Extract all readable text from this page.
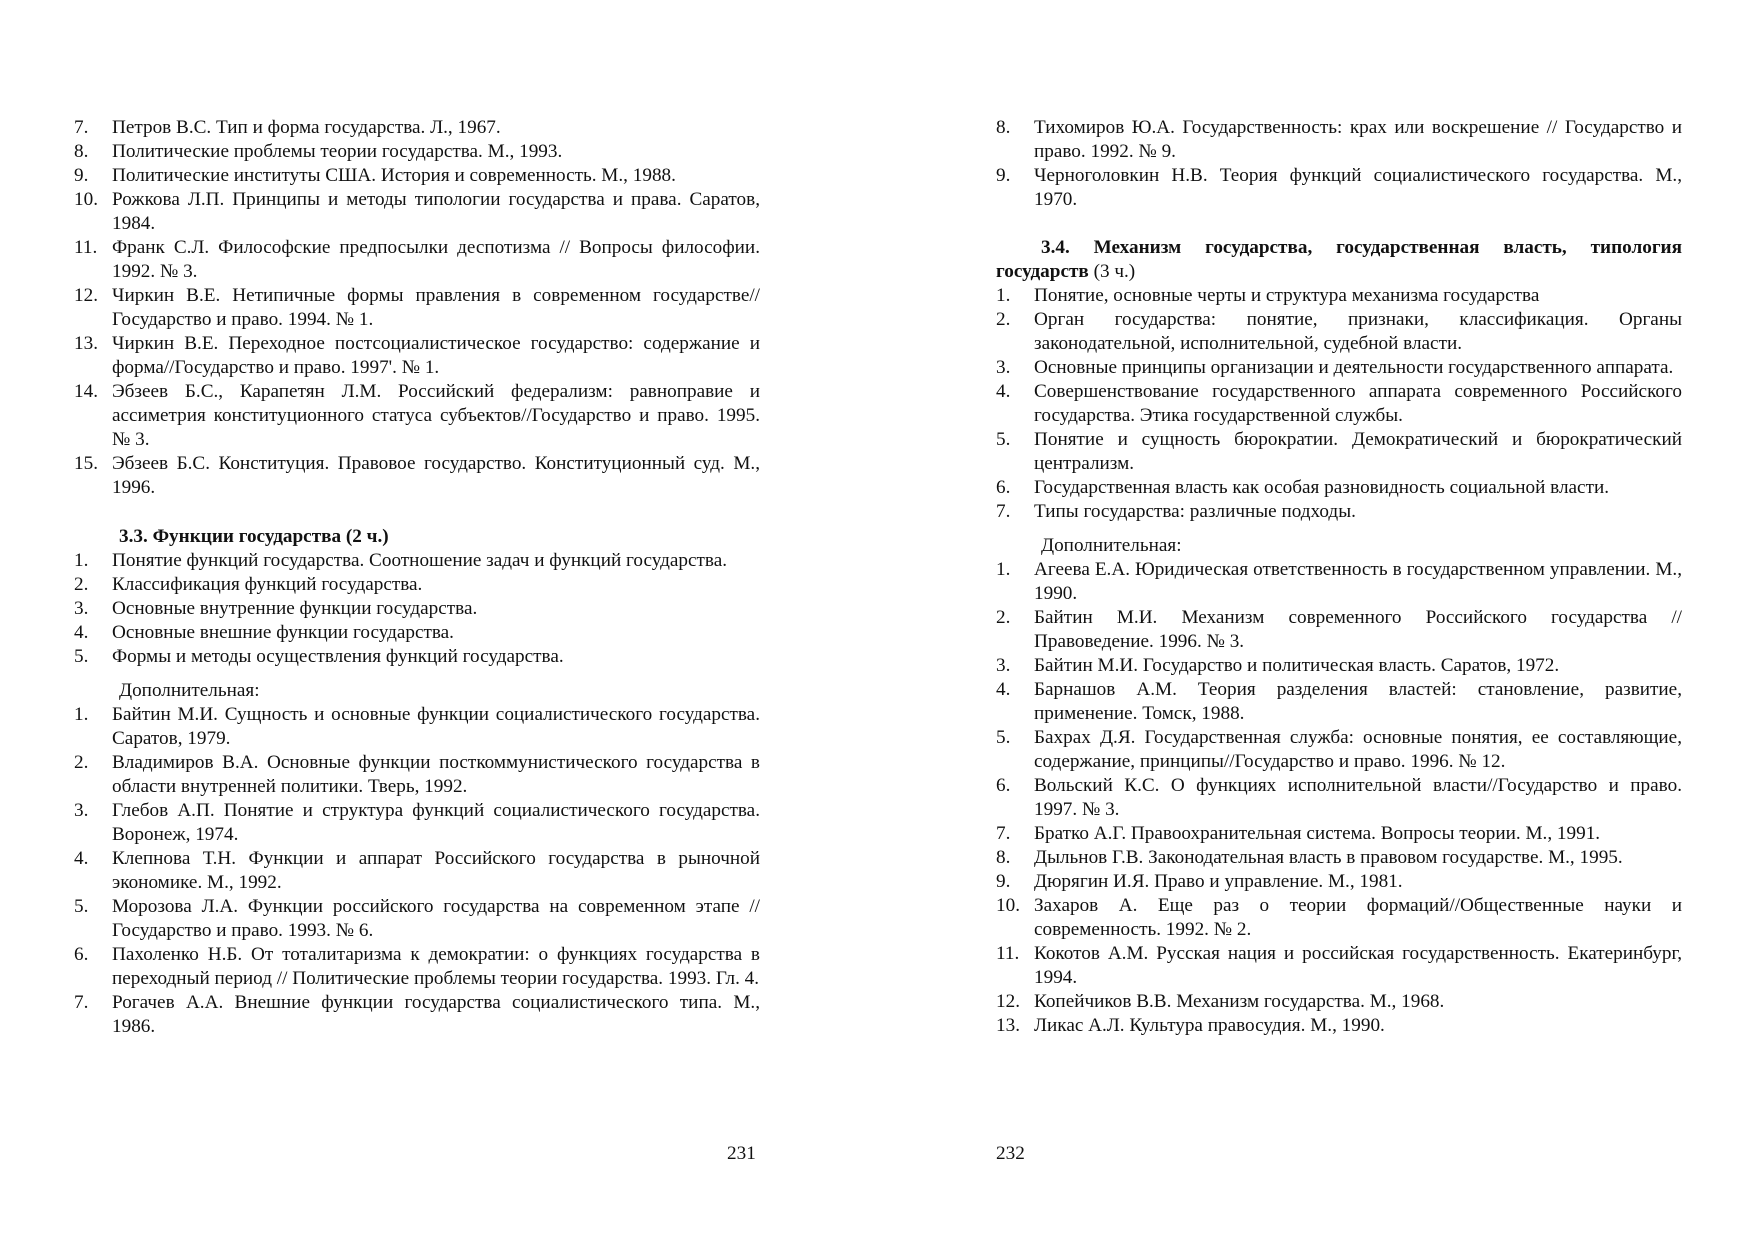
7.	Петров В.С. Тип и форма государства. Л., 1967.
8.	Политические проблемы теории государства. М., 1993.
9.	Политические институты США. История и современность. М., 1988.
10. Рожкова Л.П. Принципы и методы типологии государства и права. Саратов, 1984.
11. Франк С.Л. Философские предпосылки деспотизма // Вопросы философии. 1992. № 3.
12. Чиркин В.Е. Нетипичные формы правления в современном государстве//Государство и право. 1994. № 1.
13. Чиркин В.Е. Переходное постсоциалистическое государство: содержание и форма//Государство и право. 1997'. № 1.
14. Эбзеев Б.С., Карапетян Л.М. Российский федерализм: равноправие и ассиметрия конституционного статуса субъектов//Государство и право. 1995. № 3.
15. Эбзеев Б.С. Конституция. Правовое государство. Конституционный суд. М., 1996.
3.3. Функции государства (2 ч.)
1.	Понятие функций государства. Соотношение задач и функций государства.
2.	Классификация функций государства.
3.	Основные внутренние функции государства.
4.	Основные внешние функции государства.
5.	Формы и методы осуществления функций государства.
Дополнительная:
1.	Байтин М.И. Сущность и основные функции социалистического государства. Саратов, 1979.
2.	Владимиров В.А. Основные функции посткоммунистического государства в области внутренней политики. Тверь, 1992.
3.	Глебов А.П. Понятие и структура функций социалистического государства. Воронеж, 1974.
4.	Клепнова Т.Н. Функции и аппарат Российского государства в рыночной экономике. М., 1992.
5.	Морозова Л.А. Функции российского государства на современном этапе // Государство и право. 1993. № 6.
6.	Пахоленко Н.Б. От тоталитаризма к демократии: о функциях государства в переходный период // Политические проблемы теории государства. 1993. Гл. 4.
7.	Рогачев А.А. Внешние функции государства социалистического типа. М., 1986.
8.	Тихомиров Ю.А. Государственность: крах или воскрешение // Государство и право. 1992. № 9.
9.	Черноголовкин Н.В. Теория функций социалистического государства. М., 1970.
3.4. Механизм государства, государственная власть, типология государств (3 ч.)
1.	Понятие, основные черты и структура механизма государства
2.	Орган государства: понятие, признаки, классификация. Органы законодательной, исполнительной, судебной власти.
3.	Основные принципы организации и деятельности государственного аппарата.
4.	Совершенствование государственного аппарата современного Российского государства. Этика государственной службы.
5.	Понятие и сущность бюрократии. Демократический и бюрократический централизм.
6.	Государственная власть как особая разновидность социальной власти.
7.	Типы государства: различные подходы.
Дополнительная:
1.	Агеева Е.А. Юридическая ответственность в государственном управлении. М., 1990.
2.	Байтин М.И. Механизм современного Российского государства // Правоведение. 1996. № 3.
3.	Байтин М.И. Государство и политическая власть. Саратов, 1972.
4.	Барнашов А.М. Теория разделения властей: становление, развитие, применение. Томск, 1988.
5.	Бахрах Д.Я. Государственная служба: основные понятия, ее составляющие, содержание, принципы//Государство и право. 1996. № 12.
6.	Вольский К.С. О функциях исполнительной власти//Государство и право. 1997. № 3.
7.	Братко А.Г. Правоохранительная система. Вопросы теории. М., 1991.
8.	Дыльнов Г.В. Законодательная власть в правовом государстве. М., 1995.
9.	Дюрягин И.Я. Право и управление. М., 1981.
10. Захаров А. Еще раз о теории формаций//Общественные науки и современность. 1992. № 2.
11. Кокотов А.М. Русская нация и российская государственность. Екатеринбург, 1994.
12. Копейчиков В.В. Механизм государства. М., 1968.
13. Ликас А.Л. Культура правосудия. М., 1990.
231	232
